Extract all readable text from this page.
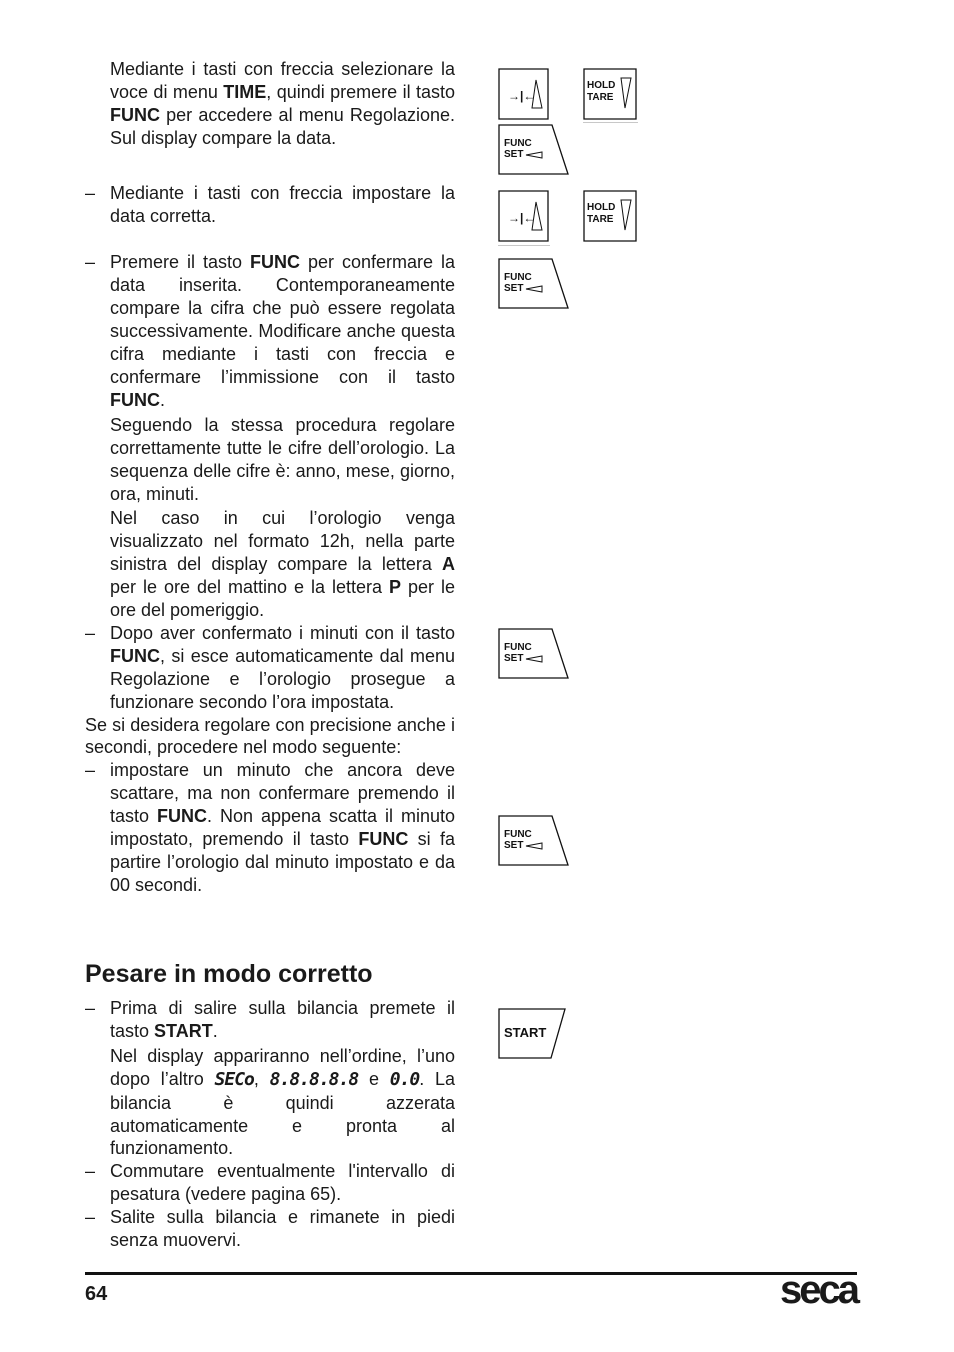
Mediante i tasti con freccia selezionare la voce di menu TIME, quindi premere il tasto FUNC per accedere al menu Regolazione. Sul display compare la data.
– Mediante i tasti con freccia impostare la data corretta.
– Premere il tasto FUNC per confermare la data inserita. Contemporaneamente compare la cifra che può essere regolata successivamente. Modificare anche questa cifra mediante i tasti con freccia e confermare l’immissione con il tasto FUNC.
Seguendo la stessa procedura regolare correttamente tutte le cifre dell’orologio. La sequenza delle cifre è: anno, mese, giorno, ora, minuti.
Nel caso in cui l’orologio venga visualizzato nel formato 12h, nella parte sinistra del display compare la lettera A per le ore del mattino e la lettera P per le ore del pomeriggio.
– Dopo aver confermato i minuti con il tasto FUNC, si esce automaticamente dal menu Regolazione e l’orologio prosegue a funzionare secondo l’ora impostata.
Se si desidera regolare con precisione anche i secondi, procedere nel modo seguente:
– impostare un minuto che ancora deve scattare, ma non confermare premendo il tasto FUNC. Non appena scatta il minuto impostato, premendo il tasto FUNC si fa partire l’orologio dal minuto impostato e da 00 secondi.
Pesare in modo corretto
– Prima di salire sulla bilancia premete il tasto START.
Nel display appariranno nell’ordine, l’uno dopo l’altro SECo, 8.8.8.8.8 e 0.0. La bilancia è quindi azzerata automaticamente e pronta al funzionamento.
– Commutare eventualmente l'intervallo di pesatura (vedere pagina 65).
– Salite sulla bilancia e rimanete in piedi senza muovervi.
→|←
HOLD
TARE
FUNC
SET
→|←
HOLD
TARE
FUNC
SET
FUNC
SET
FUNC
SET
START
64	seca
